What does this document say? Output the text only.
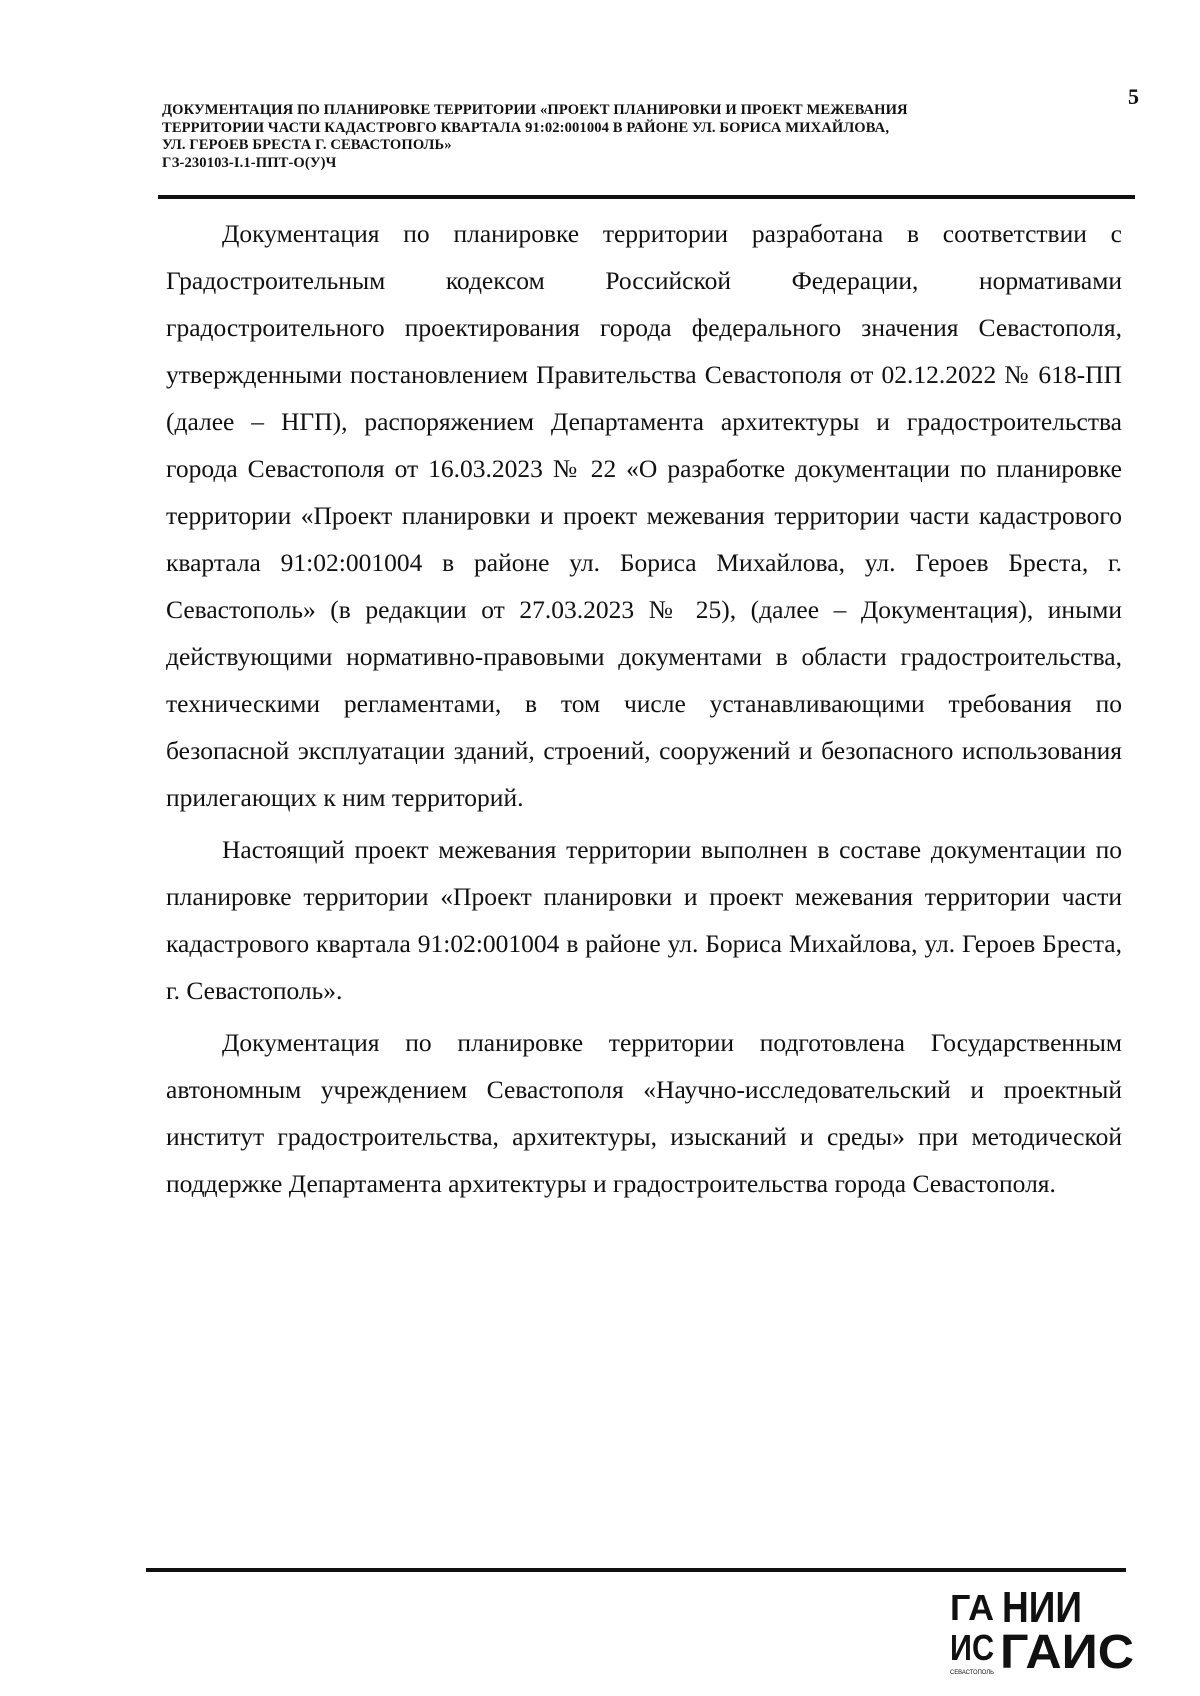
5
ДОКУМЕНТАЦИЯ ПО ПЛАНИРОВКЕ ТЕРРИТОРИИ «ПРОЕКТ ПЛАНИРОВКИ И ПРОЕКТ МЕЖЕВАНИЯ
ТЕРРИТОРИИ ЧАСТИ КАДАСТРОВГО КВАРТАЛА 91:02:001004 В РАЙОНЕ УЛ. БОРИСА МИХАЙЛОВА,
УЛ. ГЕРОЕВ БРЕСТА Г. СЕВАСТОПОЛЬ»
ГЗ-230103-I.1-ППТ-О(У)Ч

Документация по планировке территории разработана в соответствии с Градостроительным кодексом Российской Федерации, нормативами градостроительного проектирования города федерального значения Севастополя, утвержденными постановлением Правительства Севастополя от 02.12.2022 № 618-ПП (далее – НГП), распоряжением Департамента архитектуры и градостроительства города Севастополя от 16.03.2023 № 22 «О разработке документации по планировке территории «Проект планировки и проект межевания территории части кадастрового квартала 91:02:001004 в районе ул. Бориса Михайлова, ул. Героев Бреста, г. Севастополь» (в редакции от 27.03.2023 № 25), (далее – Документация), иными действующими нормативно-правовыми документами в области градостроительства, техническими регламентами, в том числе устанавливающими требования по безопасной эксплуатации зданий, строений, сооружений и безопасного использования прилегающих к ним территорий.

Настоящий проект межевания территории выполнен в составе документации по планировке территории «Проект планировки и проект межевания территории части кадастрового квартала 91:02:001004 в районе ул. Бориса Михайлова, ул. Героев Бреста, г. Севастополь».

Документация по планировке территории подготовлена Государственным автономным учреждением Севастополя «Научно-исследовательский и проектный институт градостроительства, архитектуры, изысканий и среды» при методической поддержке Департамента архитектуры и градостроительства города Севастополя.

ГА
ИС
СЕВАСТОПОЛЬ
НИИ
ГАИС
